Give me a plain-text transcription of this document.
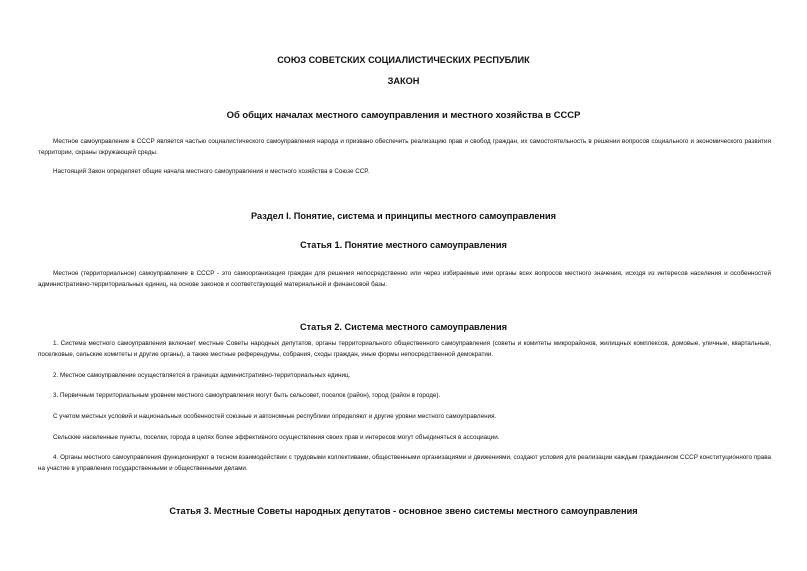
СОЮЗ СОВЕТСКИХ СОЦИАЛИСТИЧЕСКИХ РЕСПУБЛИК
ЗАКОН
Об общих началах местного самоуправления и местного хозяйства в СССР

Местное самоуправление в СССР является частью социалистического самоуправления народа и призвано обеспечить реализацию прав и свобод граждан, их самостоятельность в решении вопросов социального и экономического развития территории, охраны окружающей среды.

Настоящий Закон определяет общие начала местного самоуправления и местного хозяйства в Союзе ССР.

Раздел I. Понятие, система и принципы местного самоуправления
Статья 1. Понятие местного самоуправления

Местное (территориальное) самоуправление в СССР - это самоорганизация граждан для решения непосредственно или через избираемые ими органы всех вопросов местного значения, исходя из интересов населения и особенностей административно-территориальных единиц, на основе законов и соответствующей материальной и финансовой базы.

Статья 2. Система местного самоуправления

1. Система местного самоуправления включает местные Советы народных депутатов, органы территориального общественного самоуправления (советы и комитеты микрорайонов, жилищных комплексов, домовые, уличные, квартальные, поселковые, сельские комитеты и другие органы), а также местные референдумы, собрания, сходы граждан, иные формы непосредственной демократии.

2. Местное самоуправление осуществляется в границах административно-территориальных единиц.

3. Первичным территориальным уровнем местного самоуправления могут быть сельсовет, поселок (район), город (район в городе).

С учетом местных условий и национальных особенностей союзные и автономные республики определяют и другие уровни местного самоуправления.

Сельские населенные пункты, поселки, города в целях более эффективного осуществления своих прав и интересов могут объединяться в ассоциации.

4. Органы местного самоуправления функционируют в тесном взаимодействии с трудовыми коллективами, общественными организациями и движениями, создают условия для реализации каждым гражданином СССР конституционного права на участие в управлении государственными и общественными делами.

Статья 3. Местные Советы народных депутатов - основное звено системы местного самоуправления
